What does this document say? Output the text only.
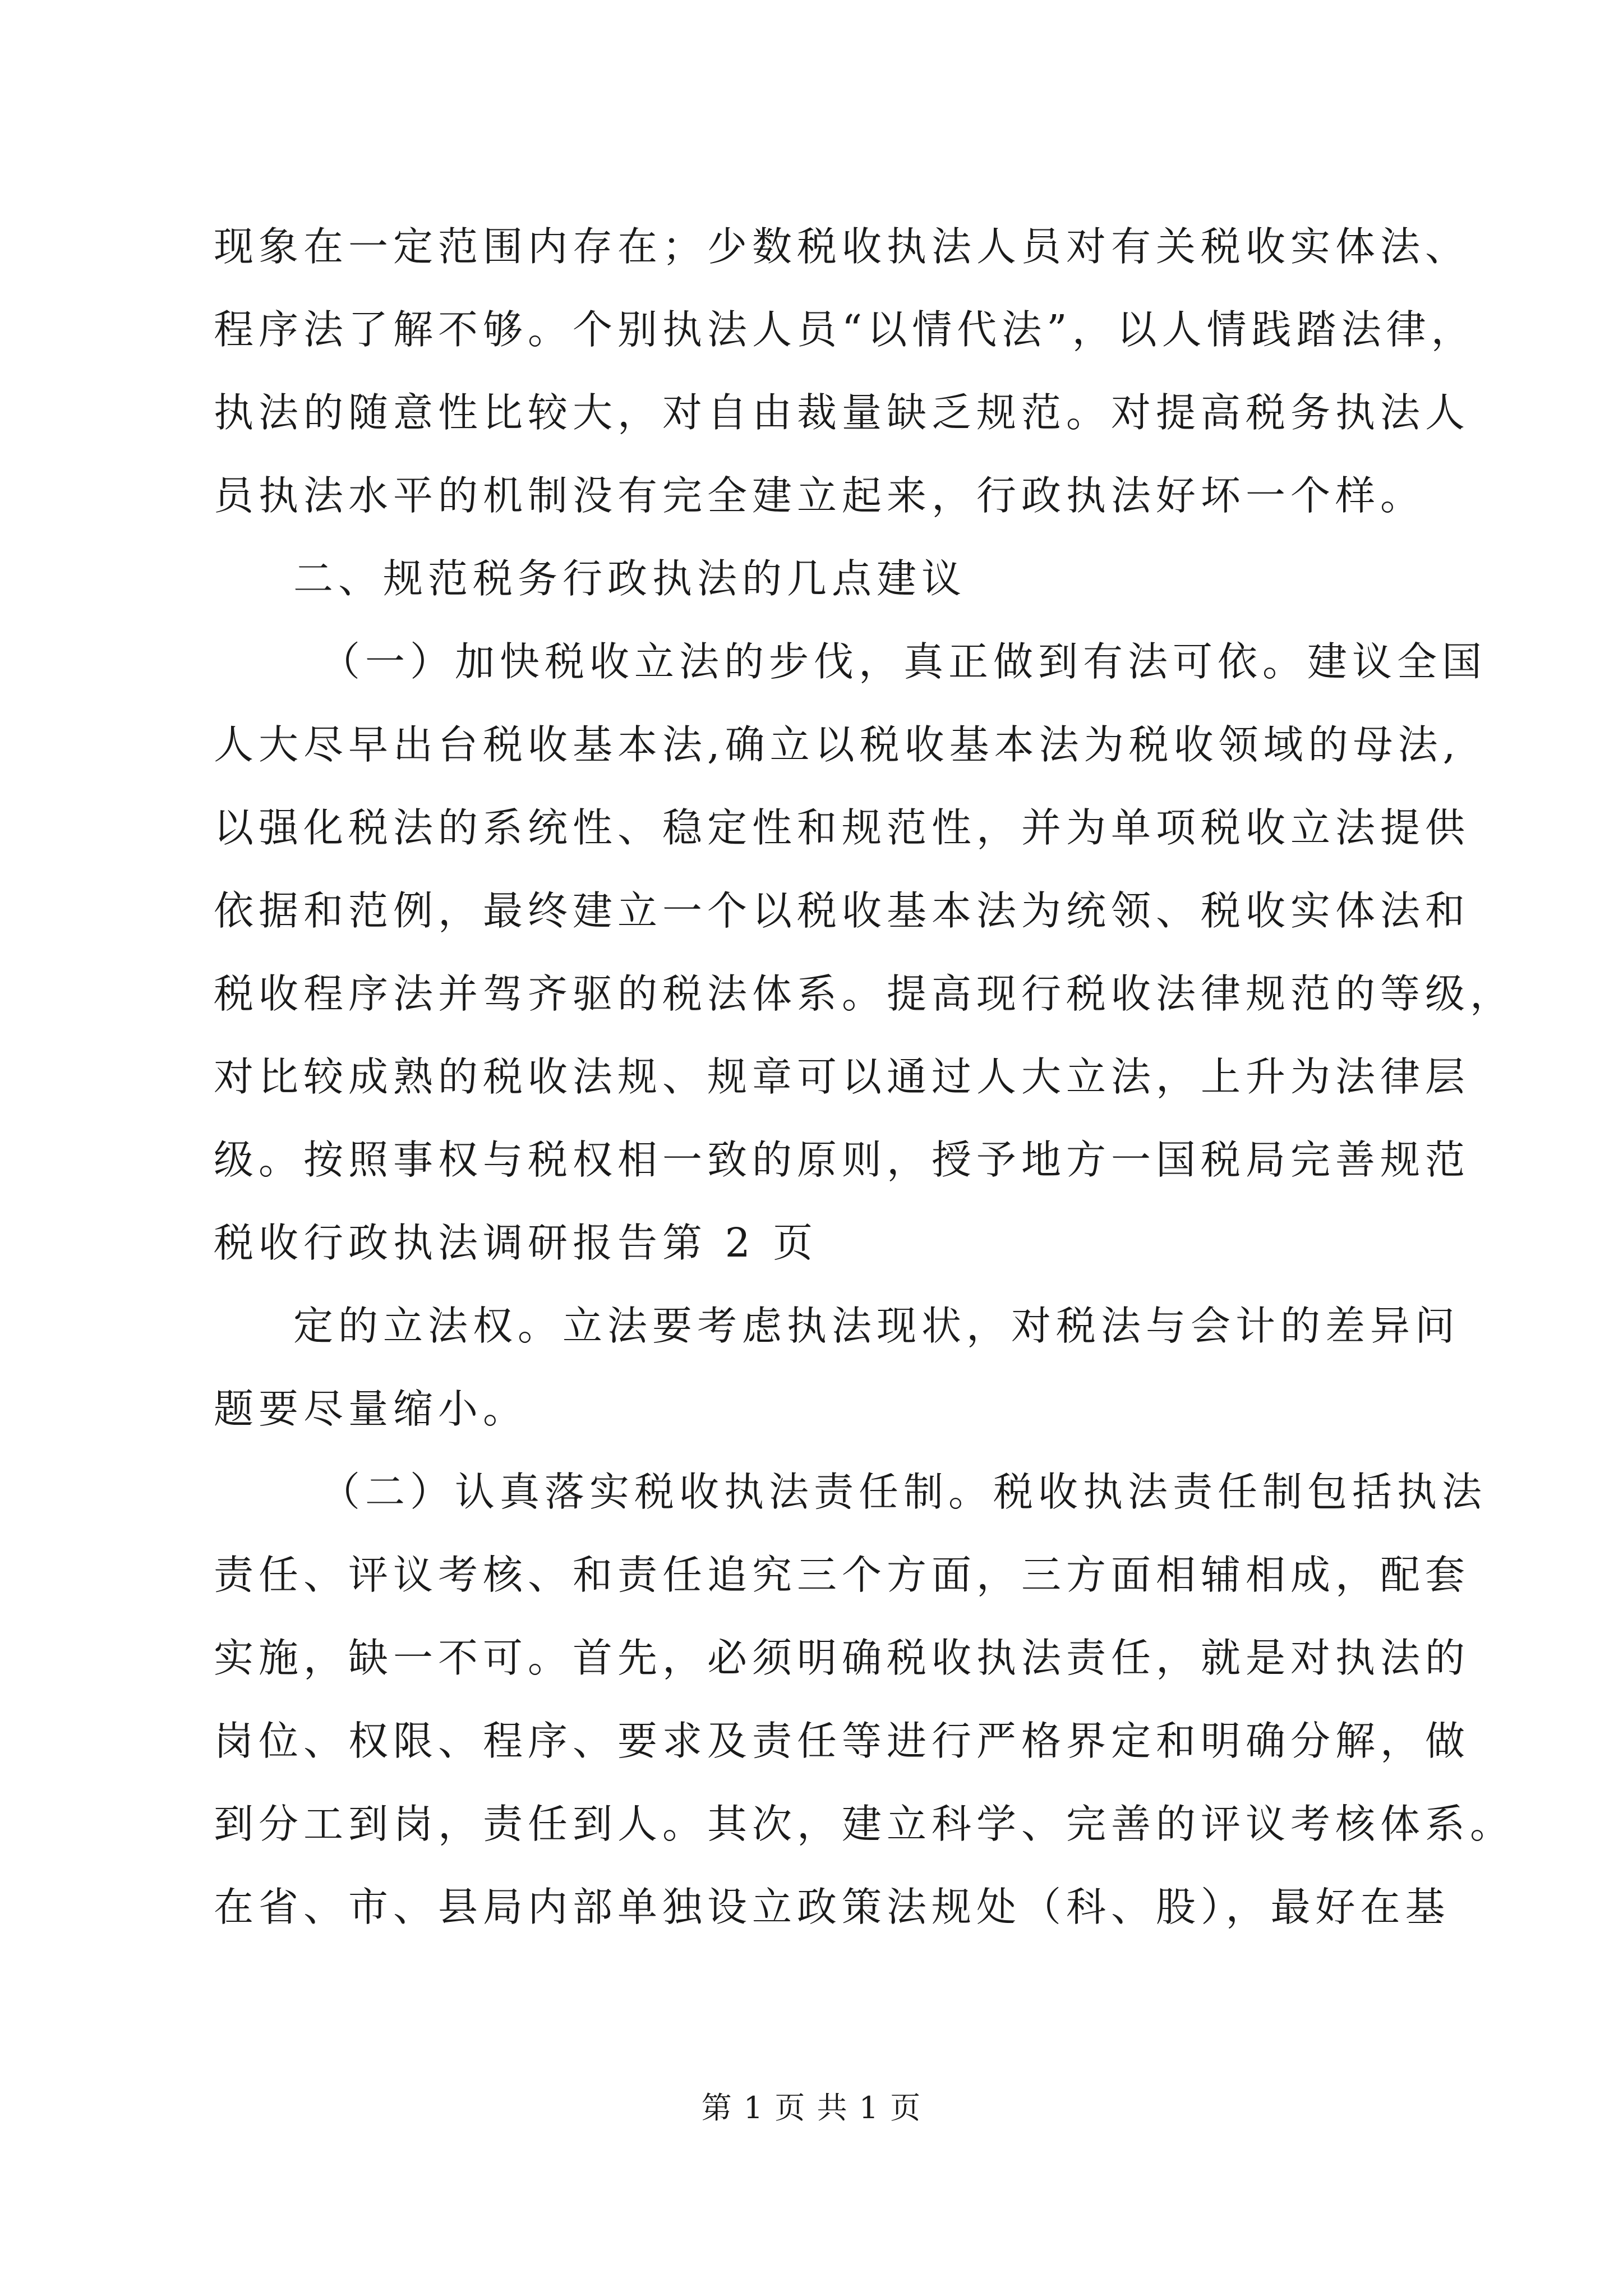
现象在一定范围内存在；少数税收执法人员对有关税收实体法、
程序法了解不够。个别执法人员“以情代法”，以人情践踏法律，
执法的随意性比较大，对自由裁量缺乏规范。对提高税务执法人
员执法水平的机制没有完全建立起来，行政执法好坏一个样。
二、规范税务行政执法的几点建议
（一）加快税收立法的步伐，真正做到有法可依。建议全国
人大尽早出台税收基本法,确立以税收基本法为税收领域的母法,
以强化税法的系统性、稳定性和规范性，并为单项税收立法提供
依据和范例，最终建立一个以税收基本法为统领、税收实体法和
税收程序法并驾齐驱的税法体系。提高现行税收法律规范的等级，
对比较成熟的税收法规、规章可以通过人大立法，上升为法律层
级。按照事权与税权相一致的原则，授予地方一国税局完善规范
税收行政执法调研报告第 2 页
定的立法权。立法要考虑执法现状，对税法与会计的差异问
题要尽量缩小。
（二）认真落实税收执法责任制。税收执法责任制包括执法
责任、评议考核、和责任追究三个方面，三方面相辅相成，配套
实施，缺一不可。首先，必须明确税收执法责任，就是对执法的
岗位、权限、程序、要求及责任等进行严格界定和明确分解，做
到分工到岗，责任到人。其次，建立科学、完善的评议考核体系。
在省、市、县局内部单独设立政策法规处（科、股），最好在基
第 1 页 共 1 页
